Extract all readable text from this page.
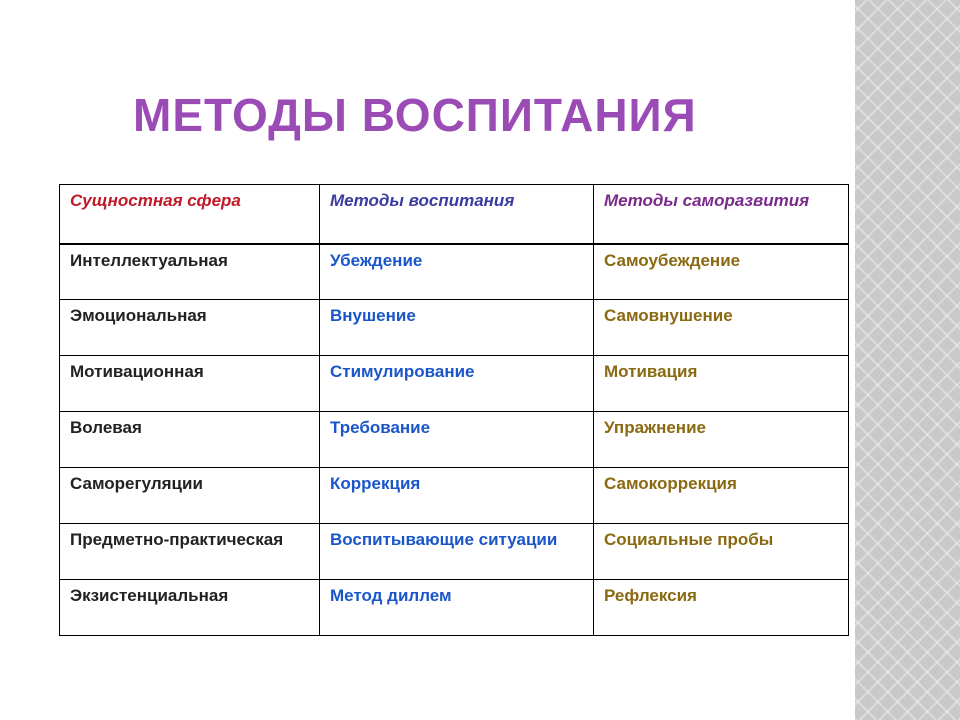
МЕТОДЫ ВОСПИТАНИЯ
Сущностная сфера	Методы воспитания	Методы саморазвития
Интеллектуальная	Убеждение	Самоубеждение
Эмоциональная	Внушение	Самовнушение
Мотивационная	Стимулирование	Мотивация
Волевая	Требование	Упражнение
Саморегуляции	Коррекция	Самокоррекция
Предметно-практическая	Воспитывающие ситуации	Социальные пробы
Экзистенциальная	Метод диллем	Рефлексия
